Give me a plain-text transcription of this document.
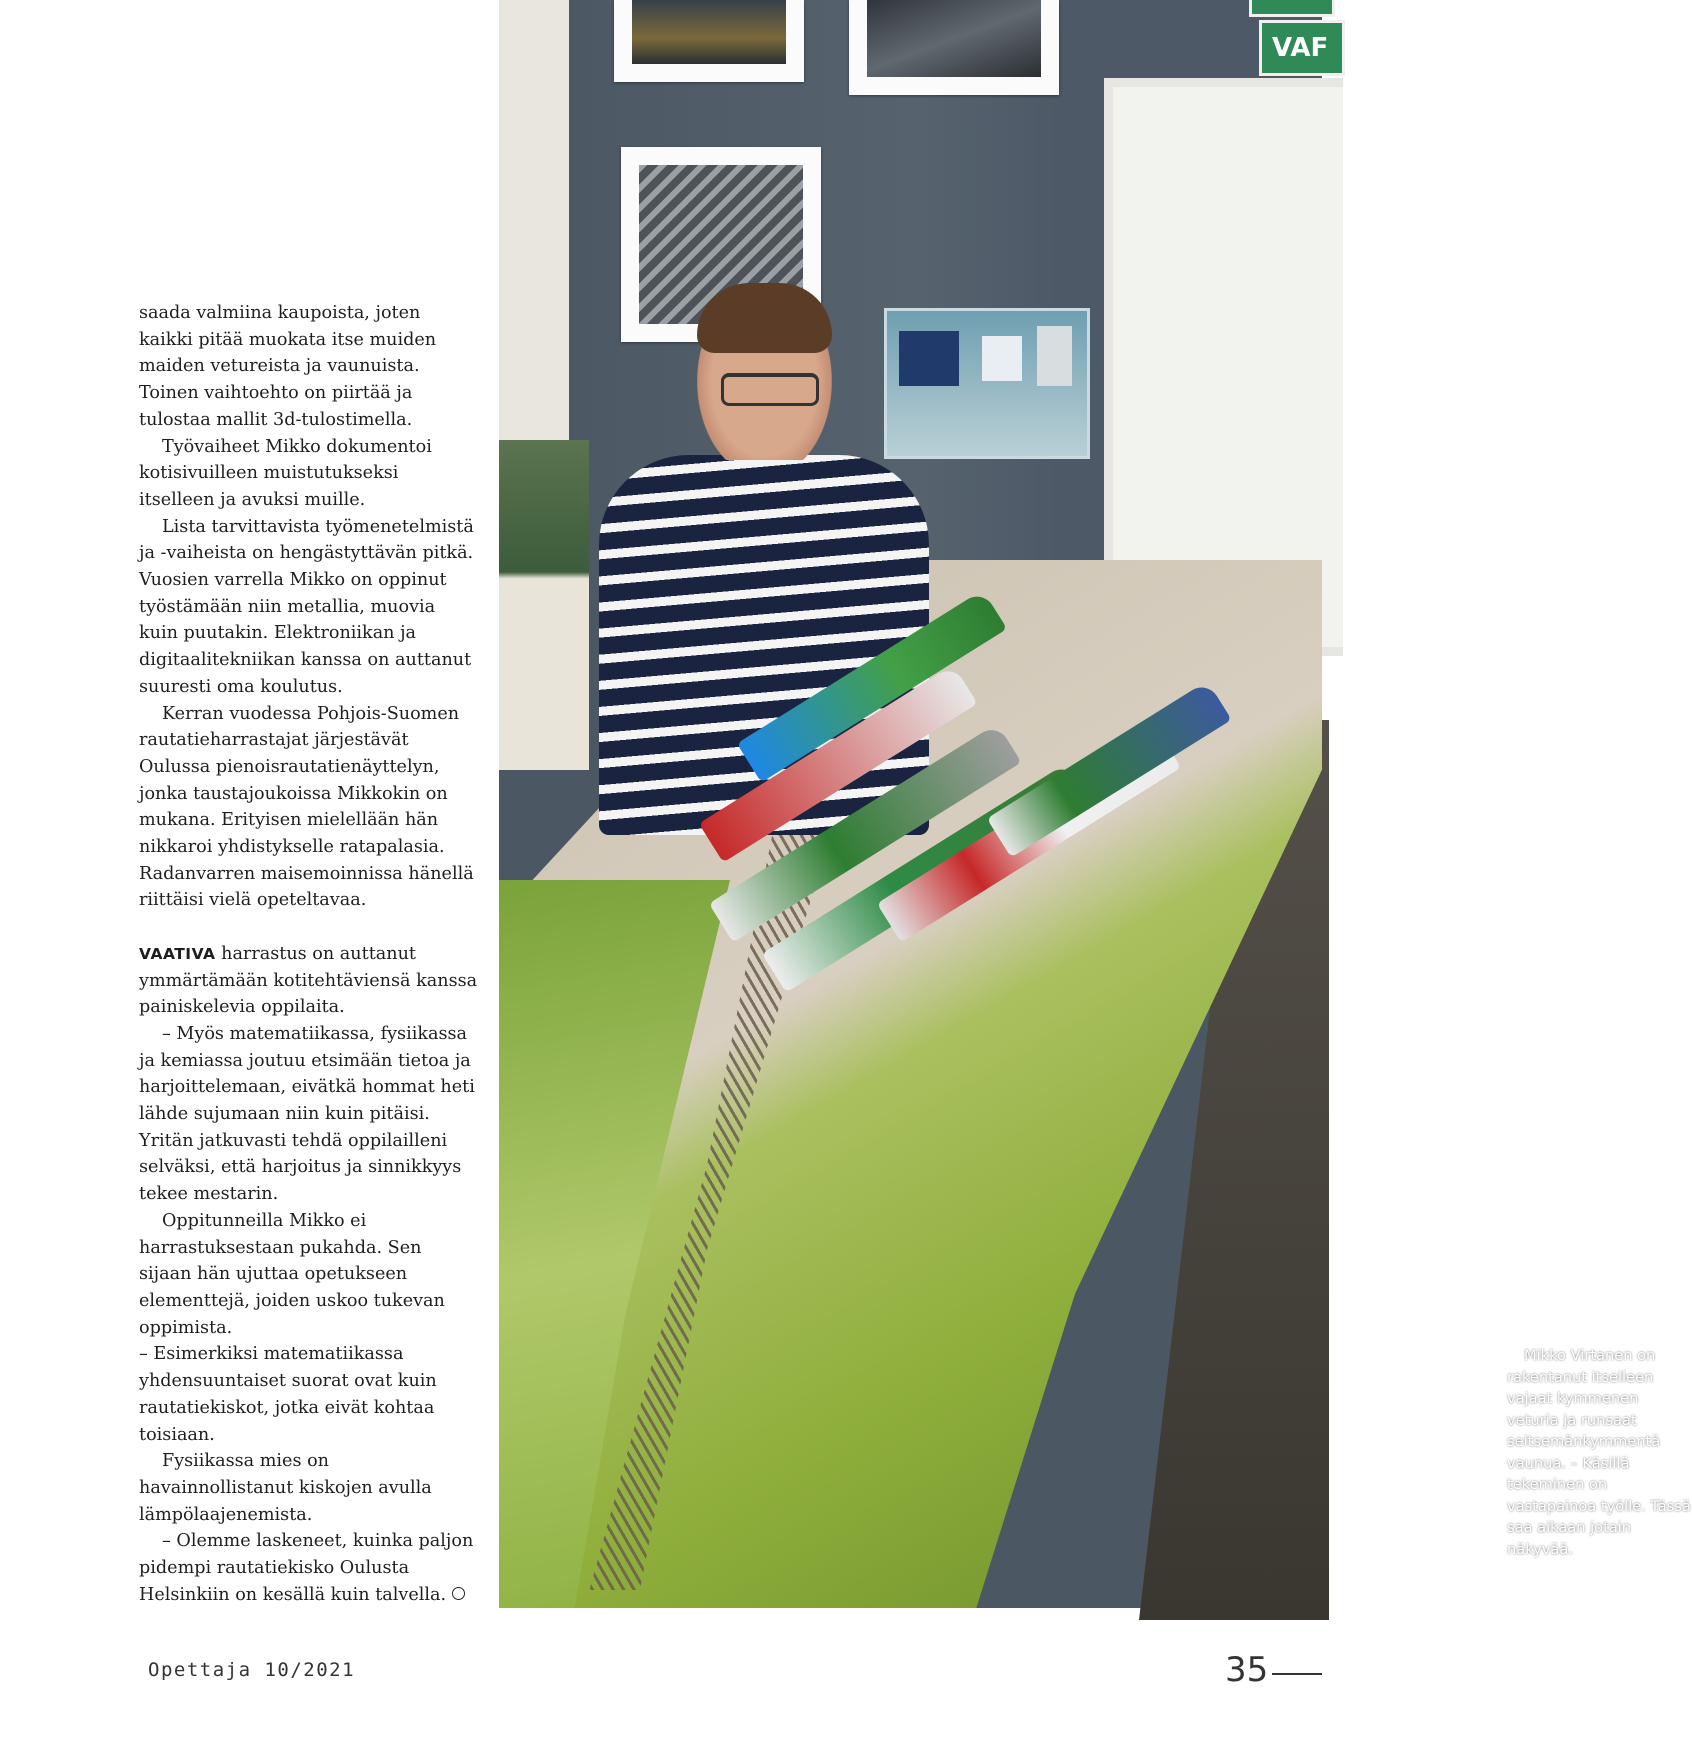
saada valmiina kaupoista, joten kaikki pitää muokata itse muiden maiden vetureista ja vaunuista. Toinen vaihtoehto on piirtää ja tulostaa mallit 3d-tulostimella.

Työvaiheet Mikko dokumentoi kotisivuilleen muistutukseksi itselleen ja avuksi muille.

Lista tarvittavista työmenetelmistä ja -vaiheista on hengästyttävän pitkä. Vuosien varrella Mikko on oppinut työstämään niin metallia, muovia kuin puutakin. Elektroniikan ja digitaalitekniikan kanssa on auttanut suuresti oma koulutus.

Kerran vuodessa Pohjois-Suomen rautatieharrastajat järjestävät Oulussa pienoisrautatienäyttelyn, jonka taustajoukoissa Mikkokin on mukana. Erityisen mielellään hän nikkaroi yhdistykselle ratapalasia. Radanvarren maisemoinnissa hänellä riittäisi vielä opeteltavaa.

VAATIVA harrastus on auttanut ymmärtämään kotitehtäviensä kanssa painiskelevia oppilaita.

– Myös matematiikassa, fysiikassa ja kemiassa joutuu etsimään tietoa ja harjoittelemaan, eivätkä hommat heti lähde sujumaan niin kuin pitäisi. Yritän jatkuvasti tehdä oppilailleni selväksi, että harjoitus ja sinnikkyys tekee mestarin.

Oppitunneilla Mikko ei harrastuksestaan pukahda. Sen sijaan hän ujuttaa opetukseen elementtejä, joiden uskoo tukevan oppimista.

– Esimerkiksi matematiikassa yhdensuuntaiset suorat ovat kuin rautatiekiskot, jotka eivät kohtaa toisiaan.

Fysiikassa mies on havainnollistanut kiskojen avulla lämpölaajenemista.

– Olemme laskeneet, kuinka paljon pidempi rautatiekisko Oulusta Helsinkiin on kesällä kuin talvella.

VAF
Mikko Virtanen on rakentanut itselleen vajaat kymmenen veturia ja runsaat seitsemänkymmentä vaunua. – Käsillä tekeminen on vastapainoa työlle. Tässä saa aikaan jotain näkyvää.
Opettaja 10/2021	35
